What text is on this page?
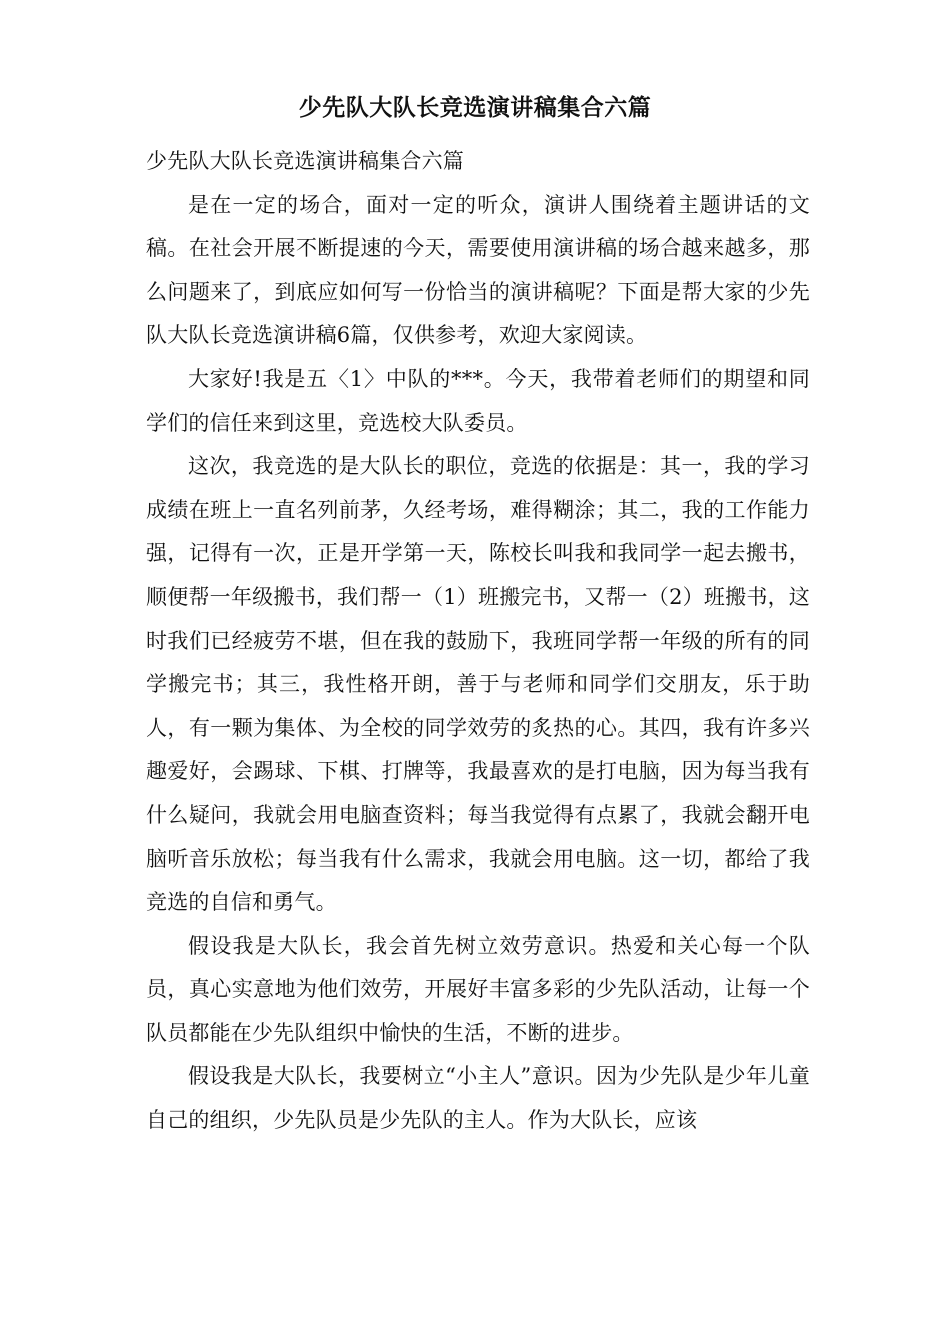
少先队大队长竞选演讲稿集合六篇

少先队大队长竞选演讲稿集合六篇

是在一定的场合，面对一定的听众，演讲人围绕着主题讲话的文稿。在社会开展不断提速的今天，需要使用演讲稿的场合越来越多，那么问题来了，到底应如何写一份恰当的演讲稿呢？下面是帮大家的少先队大队长竞选演讲稿6篇，仅供参考，欢迎大家阅读。

大家好!我是五〈1〉中队的***。今天，我带着老师们的期望和同学们的信任来到这里，竞选校大队委员。

这次，我竞选的是大队长的职位，竞选的依据是：其一，我的学习成绩在班上一直名列前茅，久经考场，难得糊涂；其二，我的工作能力强，记得有一次，正是开学第一天，陈校长叫我和我同学一起去搬书，顺便帮一年级搬书，我们帮一（1）班搬完书，又帮一（2）班搬书，这时我们已经疲劳不堪，但在我的鼓励下，我班同学帮一年级的所有的同学搬完书；其三，我性格开朗，善于与老师和同学们交朋友，乐于助人，有一颗为集体、为全校的同学效劳的炙热的心。其四，我有许多兴趣爱好，会踢球、下棋、打牌等，我最喜欢的是打电脑，因为每当我有什么疑问，我就会用电脑查资料；每当我觉得有点累了，我就会翻开电脑听音乐放松；每当我有什么需求，我就会用电脑。这一切，都给了我竞选的自信和勇气。

假设我是大队长，我会首先树立效劳意识。热爱和关心每一个队员，真心实意地为他们效劳，开展好丰富多彩的少先队活动，让每一个队员都能在少先队组织中愉快的生活，不断的进步。

假设我是大队长，我要树立“小主人”意识。因为少先队是少年儿童自己的组织，少先队员是少先队的主人。作为大队长，应该
